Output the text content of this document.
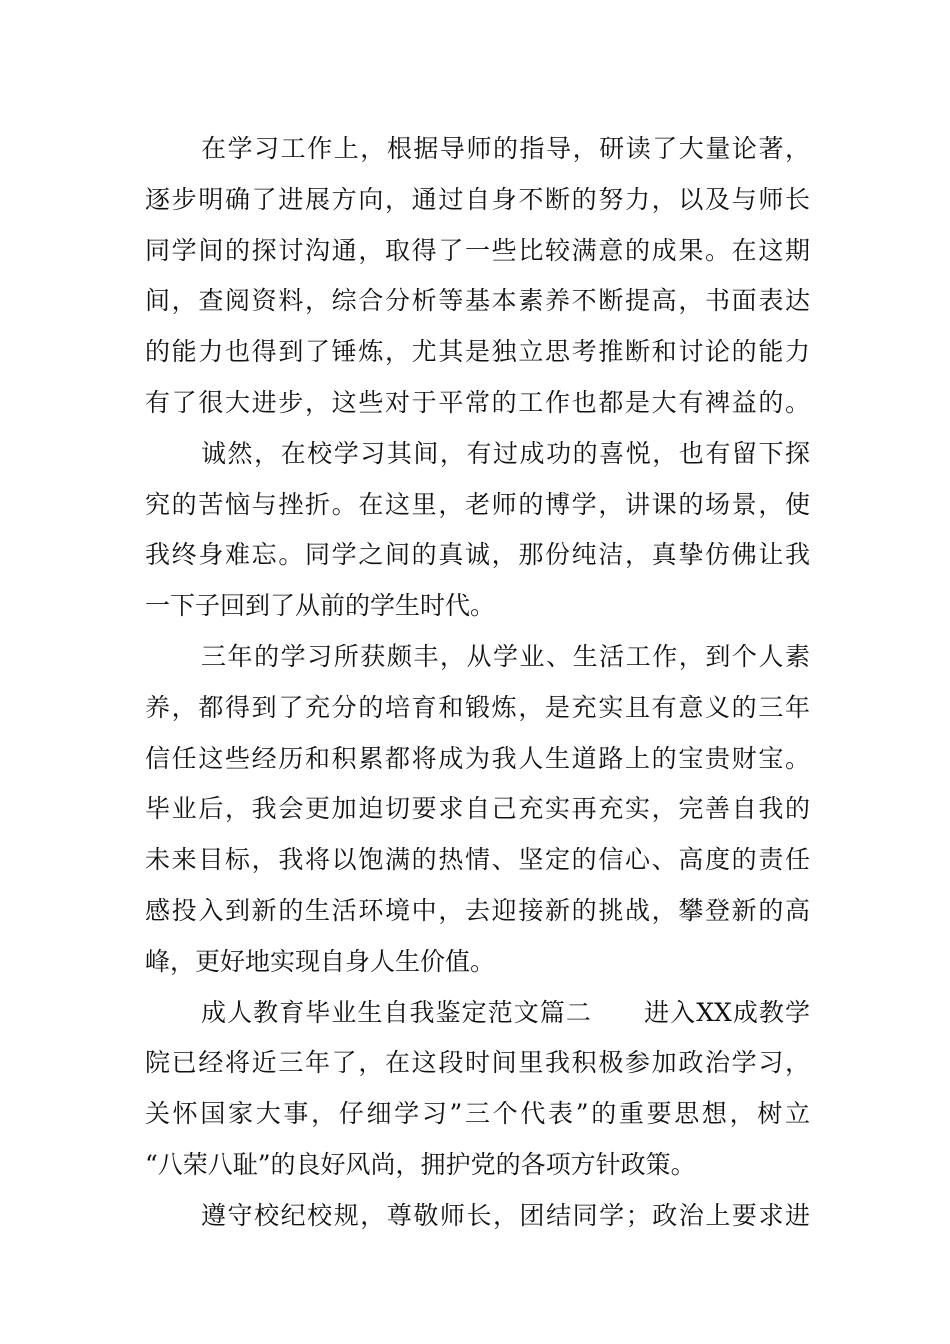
在学习工作上，根据导师的指导，研读了大量论著，
逐步明确了进展方向，通过自身不断的努力，以及与师长
同学间的探讨沟通，取得了一些比较满意的成果。在这期
间，查阅资料，综合分析等基本素养不断提高，书面表达
的能力也得到了锤炼，尤其是独立思考推断和讨论的能力
有了很大进步，这些对于平常的工作也都是大有裨益的。
诚然，在校学习其间，有过成功的喜悦，也有留下探
究的苦恼与挫折。在这里，老师的博学，讲课的场景，使
我终身难忘。同学之间的真诚，那份纯洁，真挚仿佛让我
一下子回到了从前的学生时代。
三年的学习所获颇丰，从学业、生活工作，到个人素
养，都得到了充分的培育和锻炼，是充实且有意义的三年
信任这些经历和积累都将成为我人生道路上的宝贵财宝。
毕业后，我会更加迫切要求自己充实再充实，完善自我的
未来目标，我将以饱满的热情、坚定的信心、高度的责任
感投入到新的生活环境中，去迎接新的挑战，攀登新的高
峰，更好地实现自身人生价值。
成人教育毕业生自我鉴定范文篇二　　进入XX成教学
院已经将近三年了，在这段时间里我积极参加政治学习，
关怀国家大事，仔细学习”三个代表”的重要思想，树立
“八荣八耻”的良好风尚，拥护党的各项方针政策。
遵守校纪校规，尊敬师长，团结同学；政治上要求进
